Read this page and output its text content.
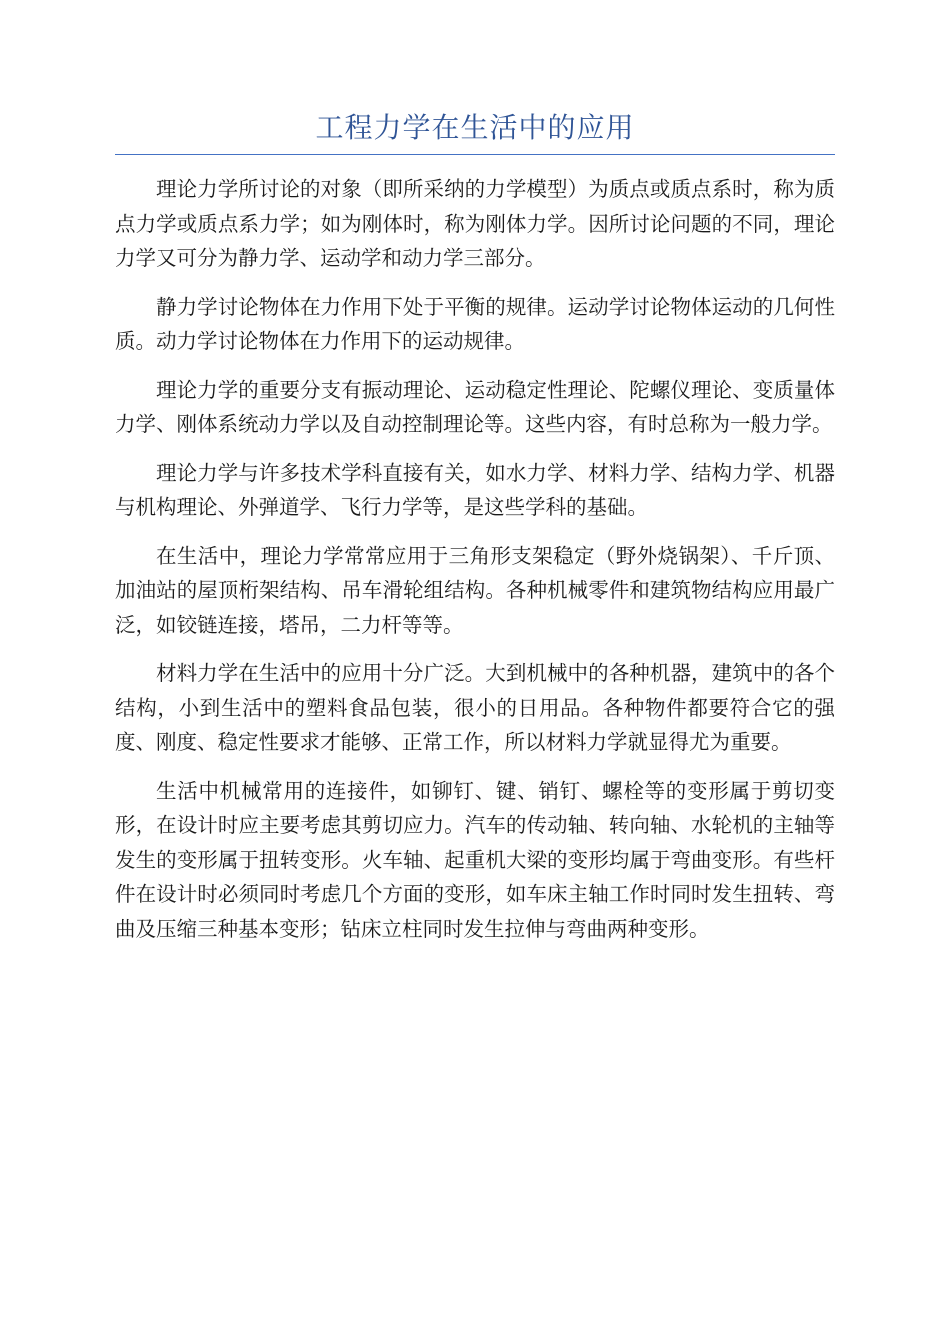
工程力学在生活中的应用

理论力学所讨论的对象（即所采纳的力学模型）为质点或质点系时，称为质点力学或质点系力学；如为刚体时，称为刚体力学。因所讨论问题的不同，理论力学又可分为静力学、运动学和动力学三部分。

静力学讨论物体在力作用下处于平衡的规律。运动学讨论物体运动的几何性质。动力学讨论物体在力作用下的运动规律。

理论力学的重要分支有振动理论、运动稳定性理论、陀螺仪理论、变质量体力学、刚体系统动力学以及自动控制理论等。这些内容，有时总称为一般力学。

理论力学与许多技术学科直接有关，如水力学、材料力学、结构力学、机器与机构理论、外弹道学、飞行力学等，是这些学科的基础。

在生活中，理论力学常常应用于三角形支架稳定（野外烧锅架）、千斤顶、加油站的屋顶桁架结构、吊车滑轮组结构。各种机械零件和建筑物结构应用最广泛，如铰链连接，塔吊，二力杆等等。

材料力学在生活中的应用十分广泛。大到机械中的各种机器，建筑中的各个结构，小到生活中的塑料食品包装，很小的日用品。各种物件都要符合它的强度、刚度、稳定性要求才能够、正常工作，所以材料力学就显得尤为重要。

生活中机械常用的连接件，如铆钉、键、销钉、螺栓等的变形属于剪切变形，在设计时应主要考虑其剪切应力。汽车的传动轴、转向轴、水轮机的主轴等发生的变形属于扭转变形。火车轴、起重机大梁的变形均属于弯曲变形。有些杆件在设计时必须同时考虑几个方面的变形，如车床主轴工作时同时发生扭转、弯曲及压缩三种基本变形；钻床立柱同时发生拉伸与弯曲两种变形。
